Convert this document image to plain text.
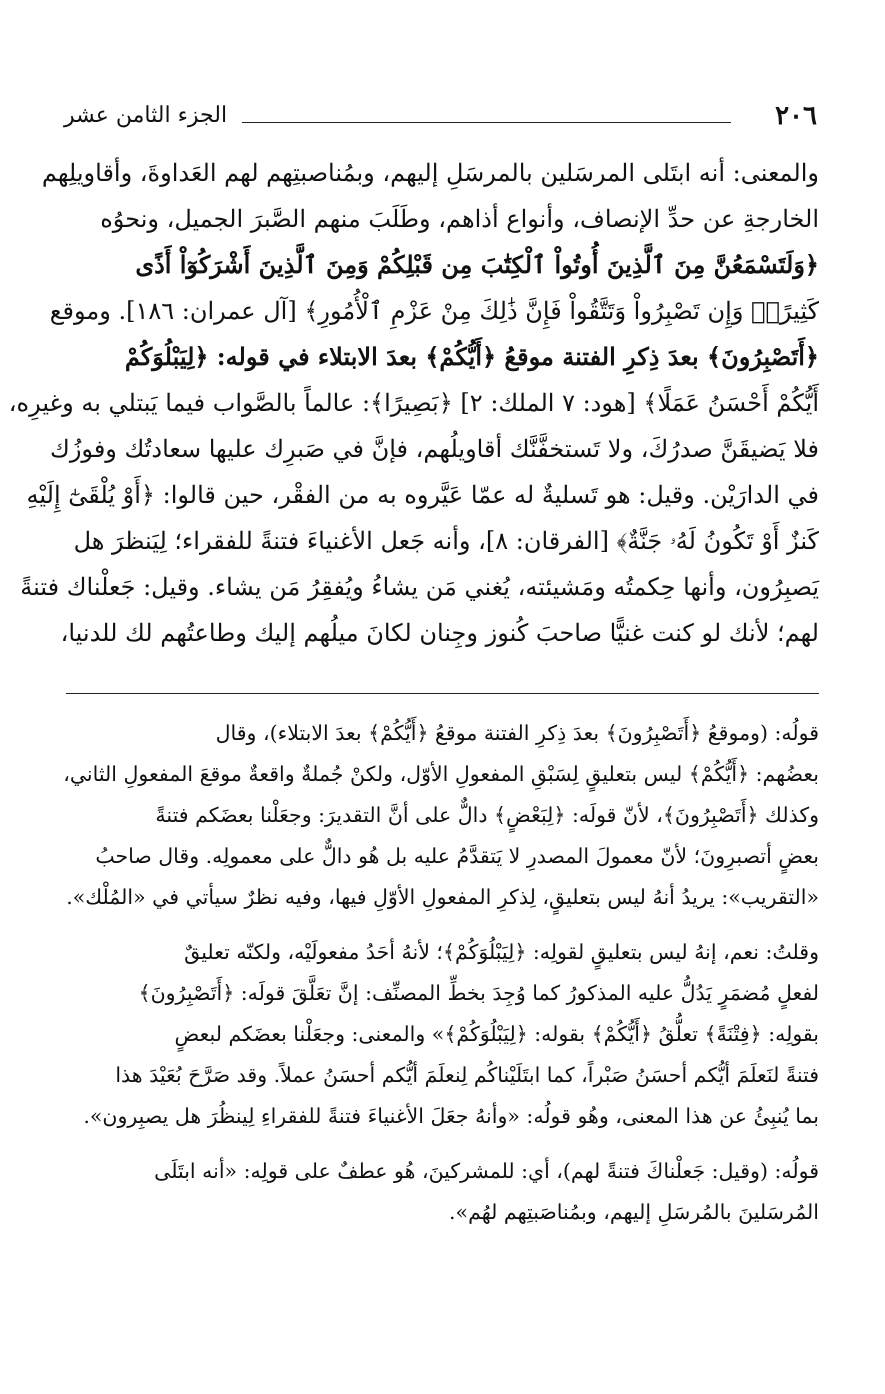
٢٠٦
الجزء الثامن عشر
والمعنى: أنه ابتَلى المرسَلين بالمرسَلِ إليهم، وبمُناصبتِهم لهم العَداوةَ، وأقاويلِهم
الخارجةِ عن حدِّ الإنصاف، وأنواع أذاهم، وطَلَبَ منهم الصَّبرَ الجميل، ونحوُه
﴿وَلَتَسْمَعُنَّ مِنَ ٱلَّذِينَ أُوتُواْ ٱلْكِتَٰبَ مِن قَبْلِكُمْ وَمِنَ ٱلَّذِينَ أَشْرَكُوٓاْ أَذًى
كَثِيرًاۚ وَإِن تَصْبِرُواْ وَتَتَّقُواْ فَإِنَّ ذَٰلِكَ مِنْ عَزْمِ ٱلْأُمُورِ﴾ [آل عمران: ١٨٦]. وموقع
﴿أَتَصْبِرُونَ﴾ بعدَ ذِكرِ الفتنة موقعُ ﴿أَيُّكُمْ﴾ بعدَ الابتلاء في قوله: ﴿لِيَبْلُوَكُمْ
أَيُّكُمْ أَحْسَنُ عَمَلًا﴾ [هود: ٧ الملك: ٢] ﴿بَصِيرًا﴾: عالماً بالصَّواب فيما يَبتلي به وغيرِه،
فلا يَضيقَنَّ صدرُكَ، ولا تَستخفَّنَّك أقاويلُهم، فإنَّ في صَبرِك عليها سعادتُك وفوزُك
في الدارَيْن. وقيل: هو تَسليةٌ له عمّا عَيَّروه به من الفقْر، حين قالوا: ﴿أَوْ يُلْقَىٰٓ إِلَيْهِ
كَنزٌ أَوْ تَكُونُ لَهُۥ جَنَّةٌ﴾ [الفرقان: ٨]، وأنه جَعل الأغنياءَ فتنةً للفقراء؛ لِيَنظرَ هل
يَصبِرُون، وأنها حِكمتُه ومَشيئته، يُغني مَن يشاءُ ويُفقِرُ مَن يشاء. وقيل: جَعلْناك فتنةً
لهم؛ لأنك لو كنت غنيًّا صاحبَ كُنوز وجِنان لكانَ ميلُهم إليك وطاعتُهم لك للدنيا،
قولُه: (وموقعُ ﴿أَتَصْبِرُونَ﴾ بعدَ ذِكرِ الفتنة موقعُ ﴿أَيُّكُمْ﴾ بعدَ الابتلاء)، وقال
بعضُهم: ﴿أَيُّكُمْ﴾ ليس بتعليقٍ لِسَبْقِ المفعولِ الأوّل، ولكنْ جُملةٌ واقعةٌ موقعَ المفعولِ الثاني،
وكذلك ﴿أَتَصْبِرُونَ﴾، لأنّ قولَه: ﴿لِبَعْضٍ﴾ دالٌّ على أنَّ التقديرَ: وجعَلْنا بعضَكم فتنةً
بعضٍ أتصبرِونَ؛ لأنّ معمولَ المصدرِ لا يَتقدَّمُ عليه بل هُو دالٌّ على معمولِه. وقال صاحبُ
«التقريب»: يريدُ أنهُ ليس بتعليقٍ، لِذكرِ المفعولِ الأوّلِ فيها، وفيه نظرٌ سيأتي في «المُلْك».
وقلتُ: نعم، إنهُ ليس بتعليقٍ لقولِه: ﴿لِيَبْلُوَكُمْ﴾؛ لأنهُ أحَدُ مفعولَيْه، ولكنّه تعليقٌ
لفعلٍ مُضمَرٍ يَدُلُّ عليه المذكورُ كما وُجِدَ بخطِّ المصنِّف: إنَّ تعَلَّقَ قولَه: ﴿أَتَصْبِرُونَ﴾
بقولِه: ﴿فِتْنَةً﴾ تعلُّقُ ﴿أَيُّكُمْ﴾ بقوله: ﴿لِيَبْلُوَكُمْ﴾» والمعنى: وجعَلْنا بعضَكم لبعضٍ
فتنةً لنَعلَمَ أيُّكم أحسَنُ صَبْراً، كما ابتَلَيْناكُم لِنعلَمَ أيُّكم أحسَنُ عملاً. وقد صَرَّحَ بُعَيْدَ هذا
بما يُنبِئُ عن هذا المعنى، وهُو قولُه: «وأنهُ جعَلَ الأغنياءَ فتنةً للفقراءِ لِينظُرَ هل يصبِرون».
قولُه: (وقيل: جَعلْناكَ فتنةً لهم)، أي: للمشركينَ، هُو عطفٌ على قولِه: «أنه ابتَلَى
المُرسَلينَ بالمُرسَلِ إليهم، وبمُناصَبتِهم لهُم».
